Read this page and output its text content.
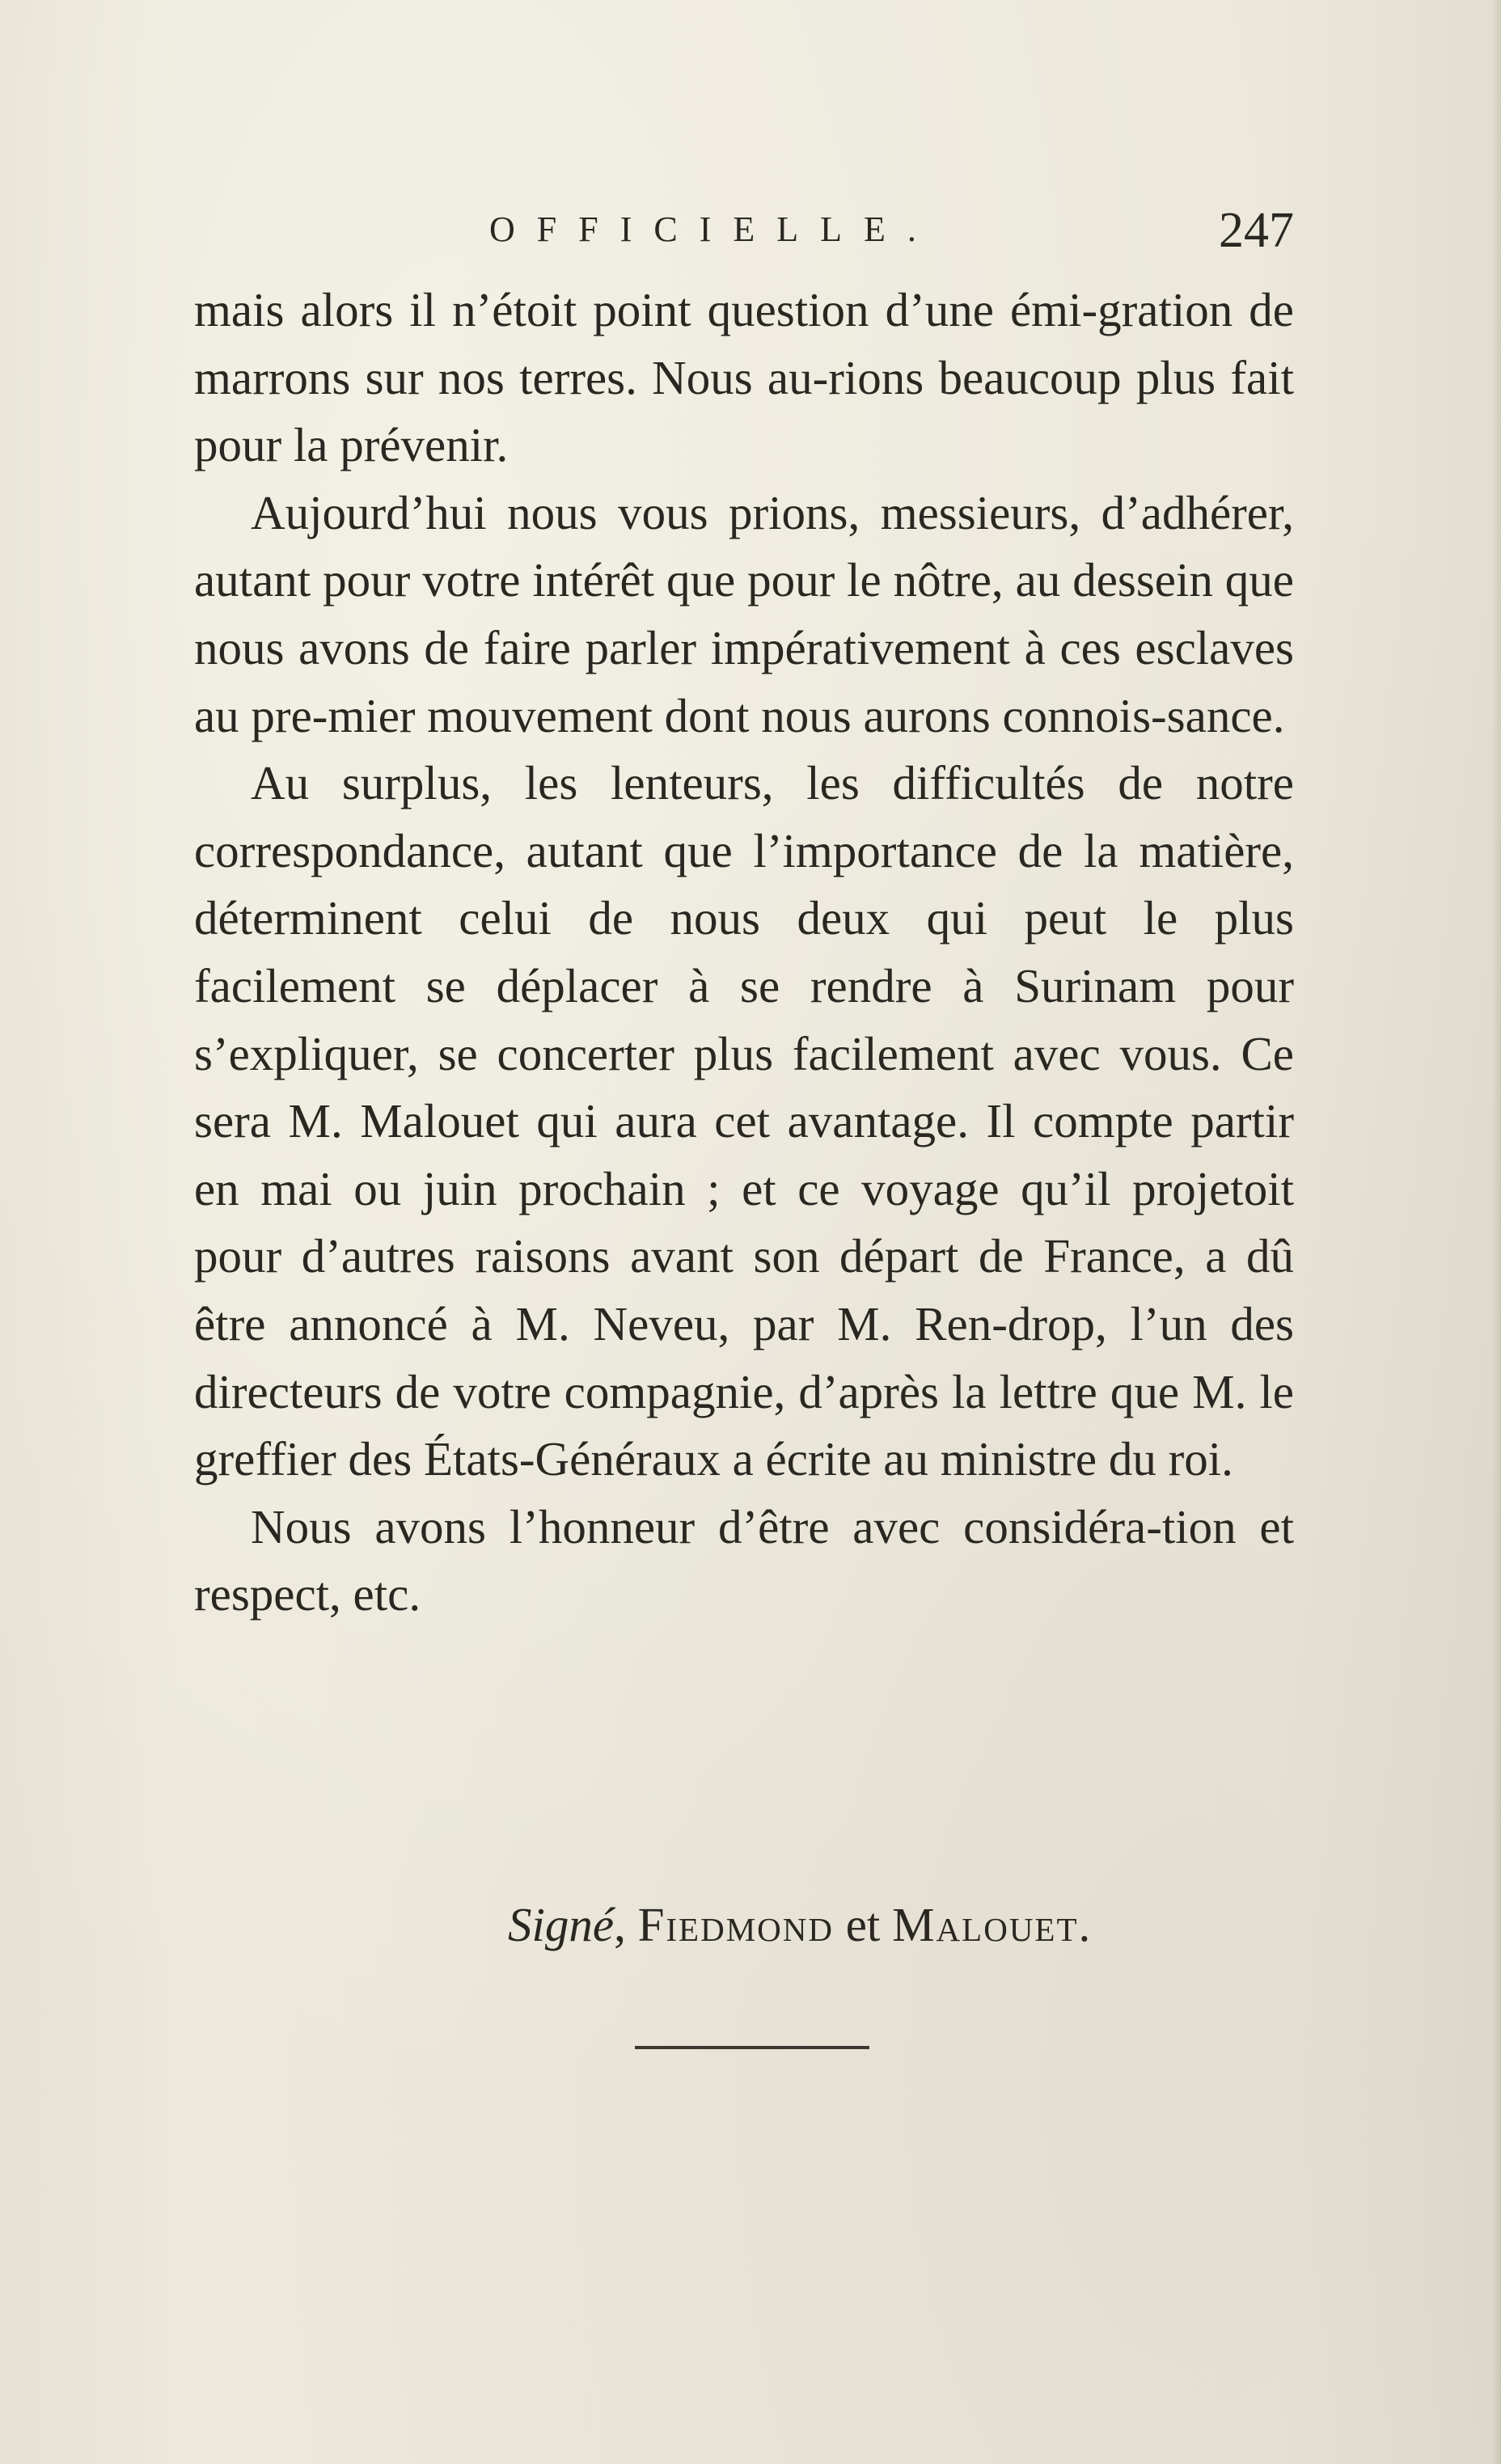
OFFICIELLE.	247

mais alors il n’étoit point question d’une émi-gration de marrons sur nos terres. Nous au-rions beaucoup plus fait pour la prévenir.

Aujourd’hui nous vous prions, messieurs, d’adhérer, autant pour votre intérêt que pour le nôtre, au dessein que nous avons de faire parler impérativement à ces esclaves au pre-mier mouvement dont nous aurons connois-sance.

Au surplus, les lenteurs, les difficultés de notre correspondance, autant que l’importance de la matière, déterminent celui de nous deux qui peut le plus facilement se déplacer à se rendre à Surinam pour s’expliquer, se concerter plus facilement avec vous. Ce sera M. Malouet qui aura cet avantage. Il compte partir en mai ou juin prochain ; et ce voyage qu’il projetoit pour d’autres raisons avant son départ de France, a dû être annoncé à M. Neveu, par M. Ren-drop, l’un des directeurs de votre compagnie, d’après la lettre que M. le greffier des États-Généraux a écrite au ministre du roi.

Nous avons l’honneur d’être avec considéra-tion et respect, etc.

Signé, Fiedmond et Malouet.
